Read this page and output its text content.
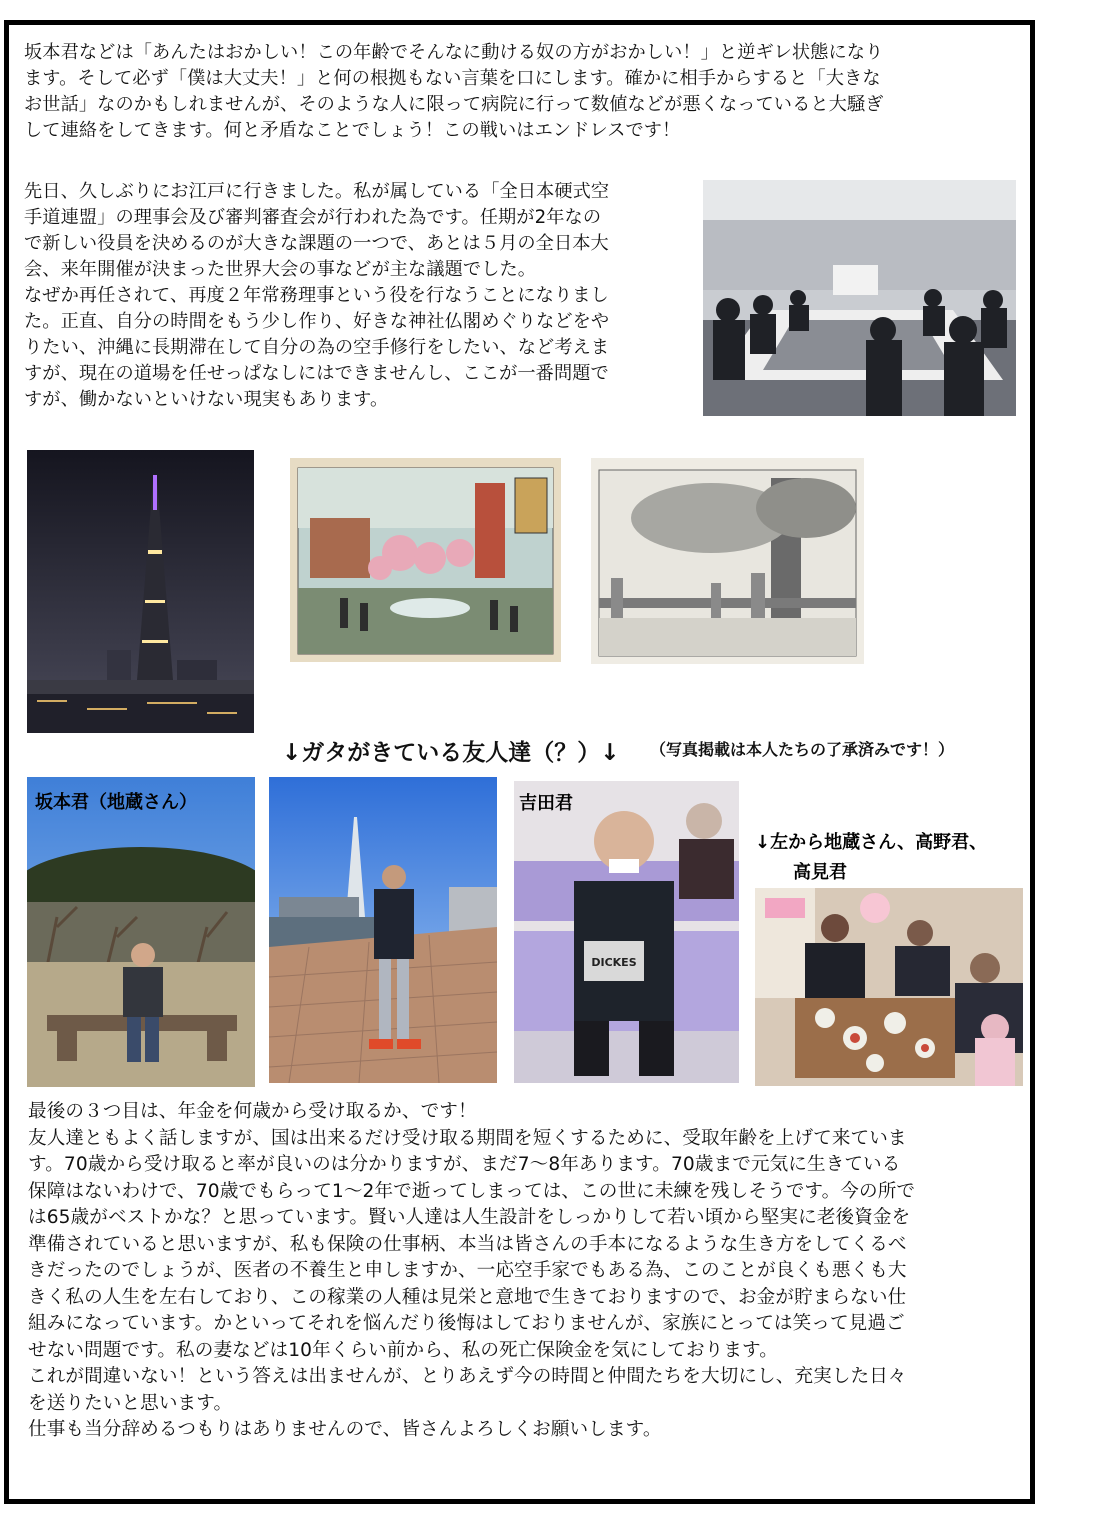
坂本君などは「あんたはおかしい！この年齢でそんなに動ける奴の方がおかしい！」と逆ギレ状態になり
ます。そして必ず「僕は大丈夫！」と何の根拠もない言葉を口にします。確かに相手からすると「大きな
お世話」なのかもしれませんが、そのような人に限って病院に行って数値などが悪くなっていると大騒ぎ
して連絡をしてきます。何と矛盾なことでしょう！この戦いはエンドレスです！
先日、久しぶりにお江戸に行きました。私が属している「全日本硬式空
手道連盟」の理事会及び審判審査会が行われた為です。任期が2年なの
で新しい役員を決めるのが大きな課題の一つで、あとは５月の全日本大
会、来年開催が決まった世界大会の事などが主な議題でした。
なぜか再任されて、再度２年常務理事という役を行なうことになりまし
た。正直、自分の時間をもう少し作り、好きな神社仏閣めぐりなどをや
りたい、沖縄に長期滞在して自分の為の空手修行をしたい、など考えま
すが、現在の道場を任せっぱなしにはできませんし、ここが一番問題で
すが、働かないといけない現実もあります。
↓ガタがきている友人達（？）↓ （写真掲載は本人たちの了承済みです！）
坂本君（地蔵さん）
DICKES
吉田君
↓左から地蔵さん、高野君、
高見君
最後の３つ目は、年金を何歳から受け取るか、です！
友人達ともよく話しますが、国は出来るだけ受け取る期間を短くするために、受取年齢を上げて来ていま
す。70歳から受け取ると率が良いのは分かりますが、まだ7～8年あります。70歳まで元気に生きている
保障はないわけで、70歳でもらって1～2年で逝ってしまっては、この世に未練を残しそうです。今の所で
は65歳がベストかな？と思っています。賢い人達は人生設計をしっかりして若い頃から堅実に老後資金を
準備されていると思いますが、私も保険の仕事柄、本当は皆さんの手本になるような生き方をしてくるべ
きだったのでしょうが、医者の不養生と申しますか、一応空手家でもある為、このことが良くも悪くも大
きく私の人生を左右しており、この稼業の人種は見栄と意地で生きておりますので、お金が貯まらない仕
組みになっています。かといってそれを悩んだり後悔はしておりませんが、家族にとっては笑って見過ご
せない問題です。私の妻などは10年くらい前から、私の死亡保険金を気にしております。
これが間違いない！という答えは出ませんが、とりあえず今の時間と仲間たちを大切にし、充実した日々
を送りたいと思います。
仕事も当分辞めるつもりはありませんので、皆さんよろしくお願いします。
